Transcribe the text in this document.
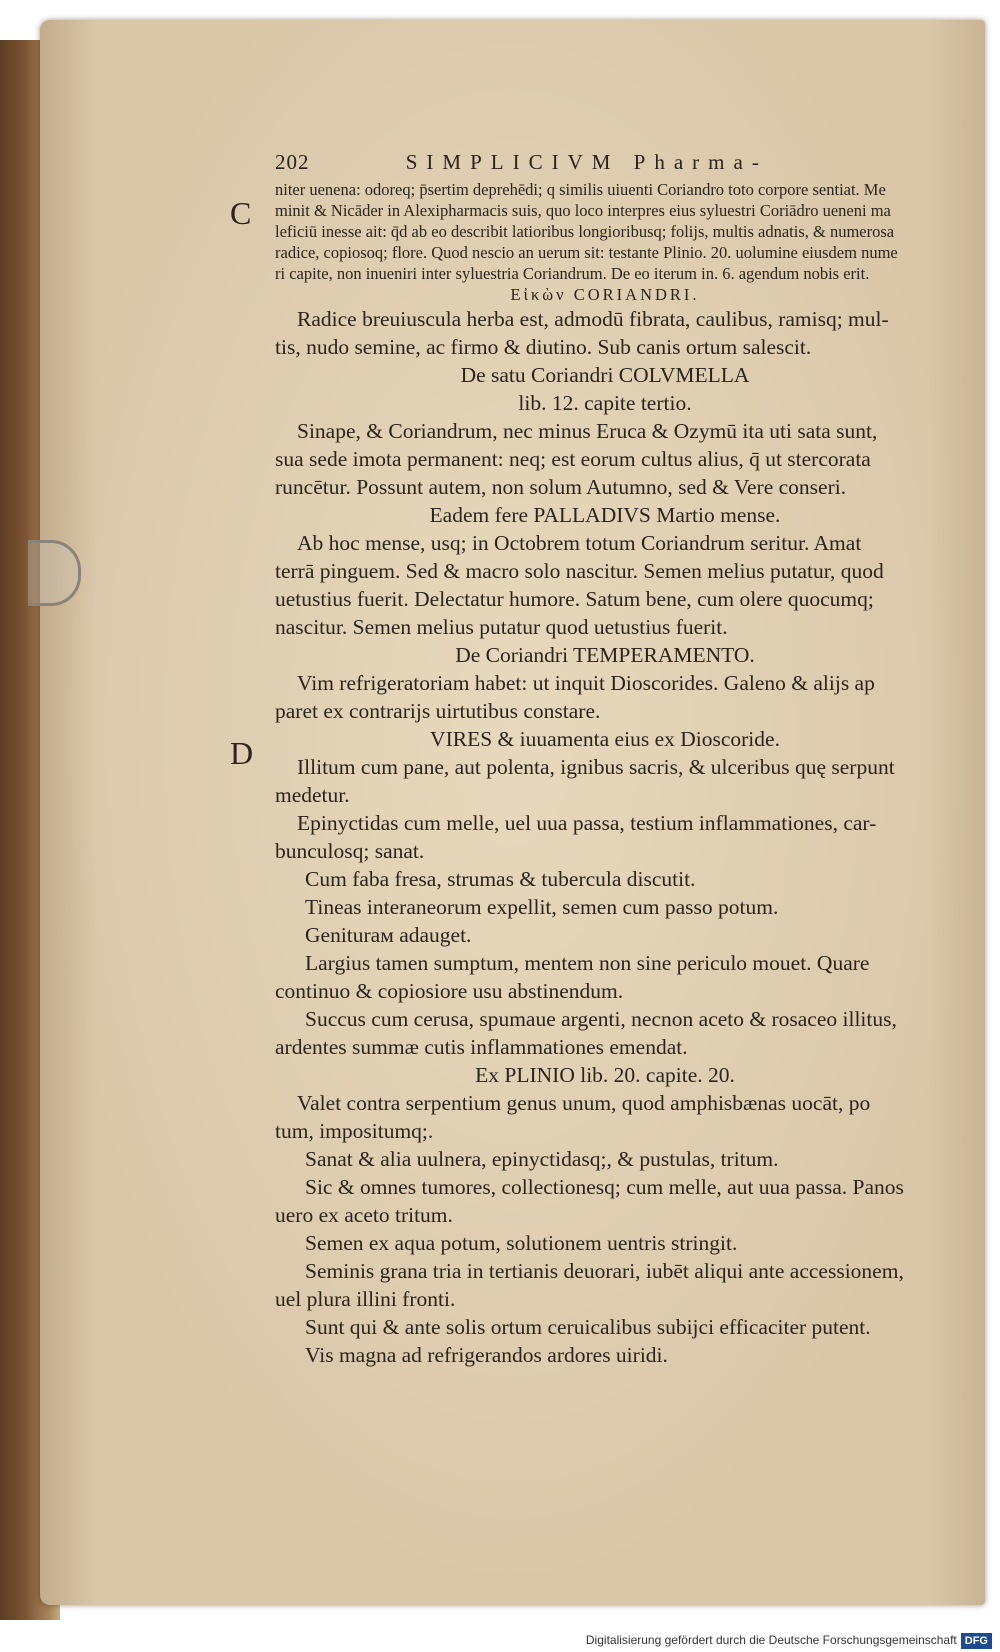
C
D
202	SIMPLICIVM Pharma-
niter uenena: odoreq; p̄sertim deprehēdi; q similis uiuenti Coriandro toto corpore sentiat. Me
minit & Nicāder in Alexipharmacis suis, quo loco interpres eius syluestri Coriādro ueneni ma
leficiū inesse ait: q̄d ab eo describit latioribus longioribusq; folijs, multis adnatis, & numerosa
radice, copiosoq; flore. Quod nescio an uerum sit: testante Plinio. 20. uolumine eiusdem nume
ri capite, non inueniri inter syluestria Coriandrum. De eo iterum in. 6. agendum nobis erit.
Εἰκὼν CORIANDRI.
Radice breuiuscula herba est, admodū fibrata, caulibus, ramisq; mul-
tis, nudo semine, ac firmo & diutino. Sub canis ortum salescit.
De satu Coriandri COLVMELLA
lib. 12. capite tertio.
Sinape, & Coriandrum, nec minus Eruca & Ozymū ita uti sata sunt,
sua sede imota permanent: neq; est eorum cultus alius, q̄ ut stercorata
runcētur. Possunt autem, non solum Autumno, sed & Vere conseri.
Eadem fere PALLADIVS Martio mense.
Ab hoc mense, usq; in Octobrem totum Coriandrum seritur. Amat
terrā pinguem. Sed & macro solo nascitur. Semen melius putatur, quod
uetustius fuerit. Delectatur humore. Satum bene, cum olere quocumq;
nascitur. Semen melius putatur quod uetustius fuerit.
De Coriandri TEMPERAMENTO.
Vim refrigeratoriam habet: ut inquit Dioscorides. Galeno & alijs ap
paret ex contrarijs uirtutibus constare.
VIRES & iuuamenta eius ex Dioscoride.
Illitum cum pane, aut polenta, ignibus sacris, & ulceribus quę serpunt
medetur.
Epinyctidas cum melle, uel uua passa, testium inflammationes, car-
bunculosq; sanat.
Cum faba fresa, strumas & tubercula discutit.
Tineas interaneorum expellit, semen cum passo potum.
Geniturам adauget.
Largius tamen sumptum, mentem non sine periculo mouet. Quare
continuo & copiosiore usu abstinendum.
Succus cum cerusa, spumaue argenti, necnon aceto & rosaceo illitus,
ardentes summæ cutis inflammationes emendat.
Ex PLINIO lib. 20. capite. 20.
Valet contra serpentium genus unum, quod amphisbænas uocāt, po
tum, impositumq;.
Sanat & alia uulnera, epinyctidasq;, & pustulas, tritum.
Sic & omnes tumores, collectionesq; cum melle, aut uua passa. Panos
uero ex aceto tritum.
Semen ex aqua potum, solutionem uentris stringit.
Seminis grana tria in tertianis deuorari, iubēt aliqui ante accessionem,
uel plura illini fronti.
Sunt qui & ante solis ortum ceruicalibus subijci efficaciter putent.
Vis magna ad refrigerandos ardores uiridi.
Digitalisierung gefördert durch die Deutsche Forschungsgemeinschaft DFG
